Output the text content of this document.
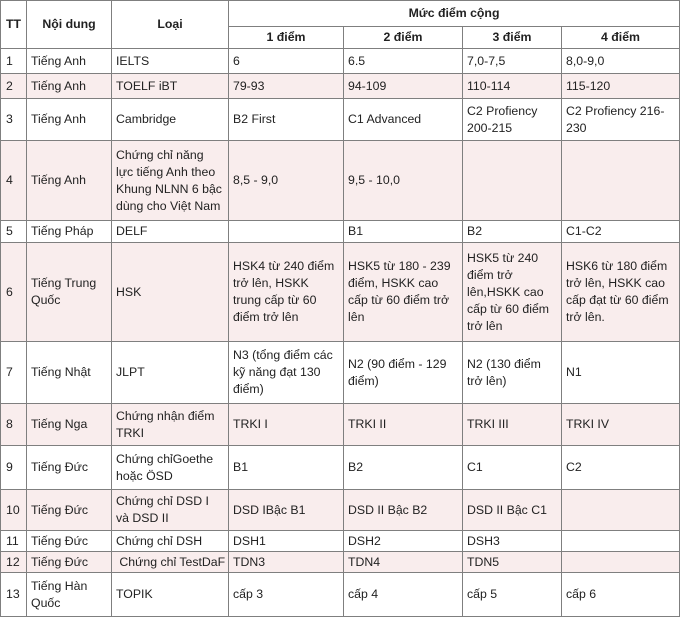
TT	Nội dung	Loại	Mức điểm cộng			
			1 điểm	2 điểm	3 điểm	4 điểm
1	Tiếng Anh	IELTS	6	6.5	7,0-7,5	8,0-9,0
2	Tiếng Anh	TOELF iBT	79-93	94-109	110-114	115-120
3	Tiếng Anh	Cambridge	B2 First	C1 Advanced	C2 Profiency 200-215	C2 Profiency 216-230
4	Tiếng Anh	Chứng chỉ năng lực tiếng Anh theo Khung NLNN 6 bậc dùng cho Việt Nam	8,5 - 9,0	9,5 - 10,0		
5	Tiếng Pháp	DELF		B1	B2	C1-C2
6	Tiếng Trung Quốc	HSK	HSK4 từ 240 điểm trở lên, HSKK trung cấp từ 60 điểm trở lên	HSK5 từ 180 - 239 điểm, HSKK cao cấp từ 60 điểm trở lên	HSK5 từ 240 điểm trở lên,HSKK cao cấp từ 60 điểm trở lên	HSK6 từ 180 điểm trở lên, HSKK cao cấp đạt từ 60 điểm trở lên.
7	Tiếng Nhật	JLPT	N3 (tổng điểm các kỹ năng đạt 130 điểm)	N2 (90 điểm - 129 điểm)	N2 (130 điểm trở lên)	N1
8	Tiếng Nga	Chứng nhận điểm TRKI	TRKI I	TRKI II	TRKI III	TRKI IV
9	Tiếng Đức	Chứng chỉGoethe hoặc ÖSD	B1	B2	C1	C2
10	Tiếng Đức	Chứng chỉ DSD I và DSD II	DSD IBậc B1	DSD II Bậc B2	DSD II Bậc C1	
11	Tiếng Đức	Chứng chỉ DSH	DSH1	DSH2	DSH3	
12	Tiếng Đức	Chứng chỉ TestDaF	TDN3	TDN4	TDN5	
13	Tiếng Hàn Quốc	TOPIK	cấp 3	cấp 4	cấp 5	cấp 6
